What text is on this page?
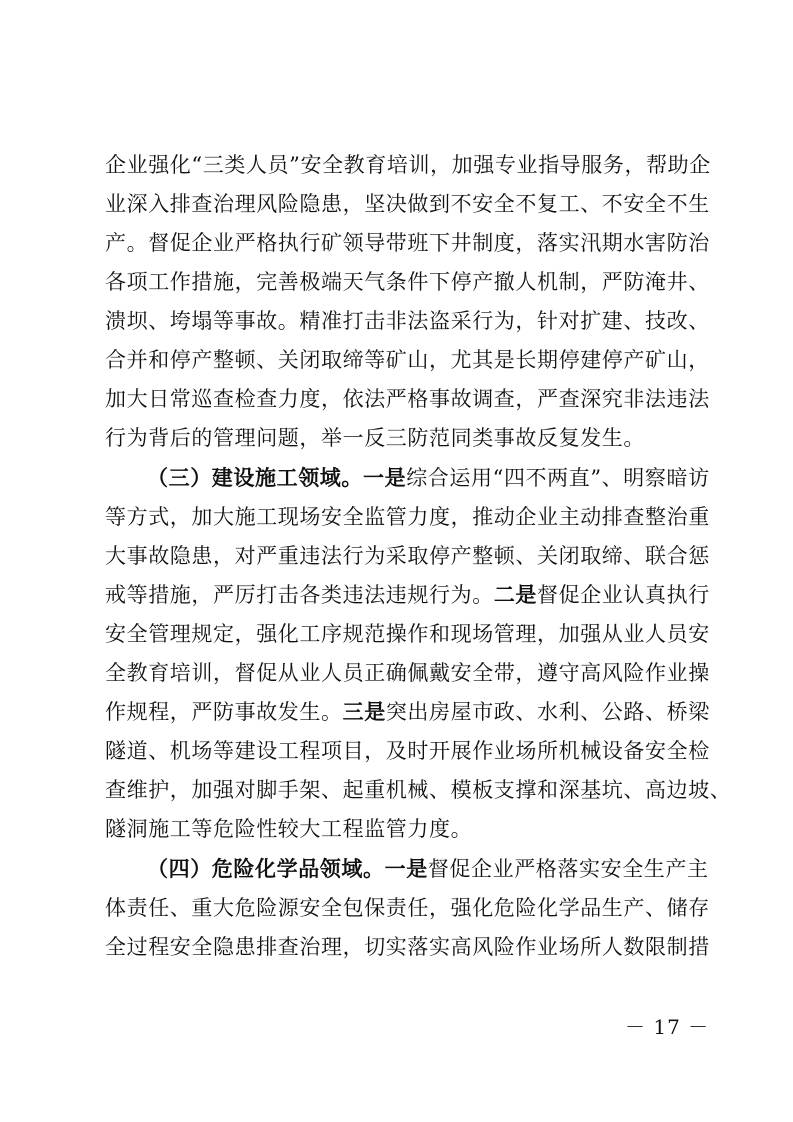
企业强化“三类人员”安全教育培训，加强专业指导服务，帮助企
业深入排查治理风险隐患，坚决做到不安全不复工、不安全不生
产。督促企业严格执行矿领导带班下井制度，落实汛期水害防治
各项工作措施，完善极端天气条件下停产撤人机制，严防淹井、
溃坝、垮塌等事故。精准打击非法盗采行为，针对扩建、技改、
合并和停产整顿、关闭取缔等矿山，尤其是长期停建停产矿山，
加大日常巡查检查力度，依法严格事故调查，严查深究非法违法
行为背后的管理问题，举一反三防范同类事故反复发生。
（三）建设施工领域。一是综合运用“四不两直”、明察暗访
等方式，加大施工现场安全监管力度，推动企业主动排查整治重
大事故隐患，对严重违法行为采取停产整顿、关闭取缔、联合惩
戒等措施，严厉打击各类违法违规行为。二是督促企业认真执行
安全管理规定，强化工序规范操作和现场管理，加强从业人员安
全教育培训，督促从业人员正确佩戴安全带，遵守高风险作业操
作规程，严防事故发生。三是突出房屋市政、水利、公路、桥梁
隧道、机场等建设工程项目，及时开展作业场所机械设备安全检
查维护，加强对脚手架、起重机械、模板支撑和深基坑、高边坡、
隧洞施工等危险性较大工程监管力度。
（四）危险化学品领域。一是督促企业严格落实安全生产主
体责任、重大危险源安全包保责任，强化危险化学品生产、储存
全过程安全隐患排查治理，切实落实高风险作业场所人数限制措
－ 17 －
